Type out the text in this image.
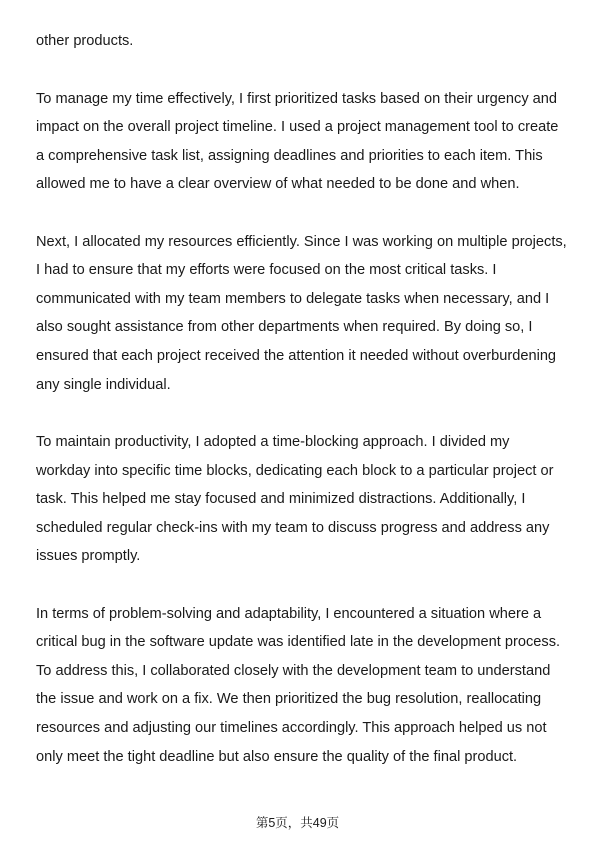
other products.
To manage my time effectively, I first prioritized tasks based on their urgency and
impact on the overall project timeline. I used a project management tool to create
a comprehensive task list, assigning deadlines and priorities to each item. This
allowed me to have a clear overview of what needed to be done and when.
Next, I allocated my resources efficiently. Since I was working on multiple projects,
I had to ensure that my efforts were focused on the most critical tasks. I
communicated with my team members to delegate tasks when necessary, and I
also sought assistance from other departments when required. By doing so, I
ensured that each project received the attention it needed without overburdening
any single individual.
To maintain productivity, I adopted a time-blocking approach. I divided my
workday into specific time blocks, dedicating each block to a particular project or
task. This helped me stay focused and minimized distractions. Additionally, I
scheduled regular check-ins with my team to discuss progress and address any
issues promptly.
In terms of problem-solving and adaptability, I encountered a situation where a
critical bug in the software update was identified late in the development process.
To address this, I collaborated closely with the development team to understand
the issue and work on a fix. We then prioritized the bug resolution, reallocating
resources and adjusting our timelines accordingly. This approach helped us not
only meet the tight deadline but also ensure the quality of the final product.
第5页，共49页
